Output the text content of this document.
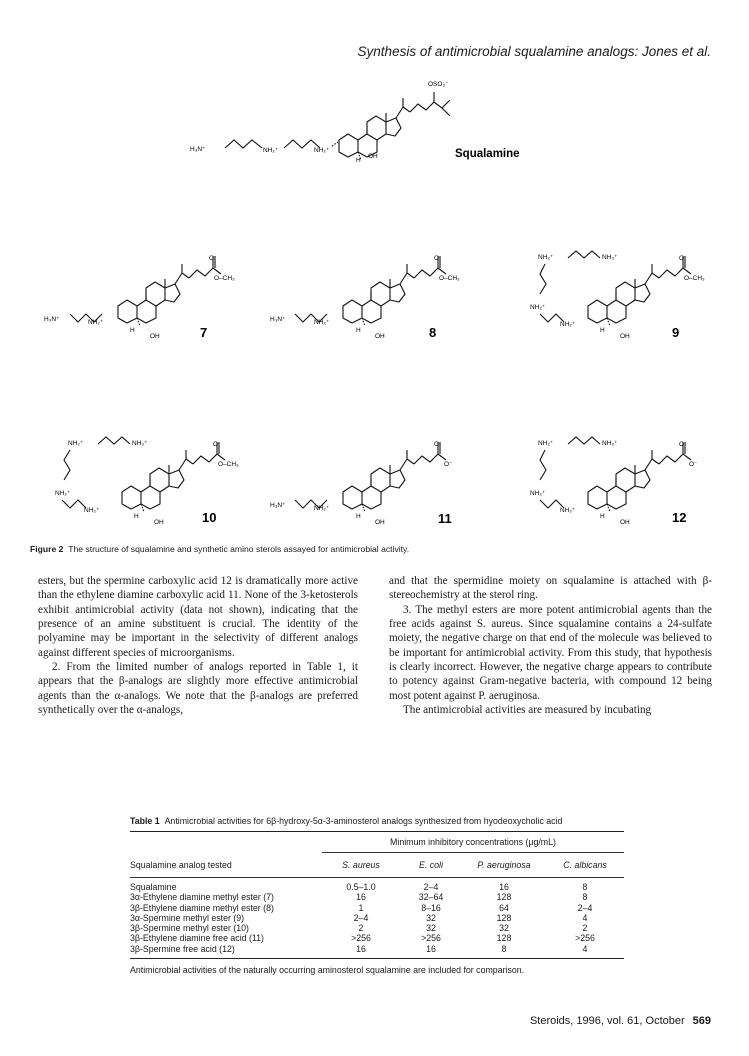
Synthesis of antimicrobial squalamine analogs: Jones et al.
OSO₃⁻
H₃N⁺	NH₂⁺	NH₂⁺
H
OH	Squalamine
O
O–CH₃
H₃N⁺	NH₂⁺
H
OH	7
O
O–CH₃
H₃N⁺	NH₂⁺
H
OH	8
O
O–CH₃
NH₂⁺	NH₃⁺
NH₂⁺
NH₂⁺
H
OH	9
O
O–CH₃
NH₂⁺	NH₃⁺
NH₂⁺
NH₂⁺
H
OH	10
O
O⁻
H₃N⁺	NH₂⁺
H
OH	11
O
O⁻
NH₂⁺	NH₃⁺
NH₂⁺
NH₂⁺
H
OH	12
Figure 2 The structure of squalamine and synthetic amino sterols assayed for antimicrobial activity.

esters, but the spermine carboxylic acid 12 is dramatically more active than the ethylene diamine carboxylic acid 11. None of the 3-ketosterols exhibit antimicrobial activity (data not shown), indicating that the presence of an amine substituent is crucial. The identity of the polyamine may be important in the selectivity of different analogs against different species of microorganisms.

2. From the limited number of analogs reported in Table 1, it appears that the β-analogs are slightly more effective antimicrobial agents than the α-analogs. We note that the β-analogs are preferred synthetically over the α-analogs,

and that the spermidine moiety on squalamine is attached with β-stereochemistry at the sterol ring.

3. The methyl esters are more potent antimicrobial agents than the free acids against S. aureus. Since squalamine contains a 24-sulfate moiety, the negative charge on that end of the molecule was believed to be important for antimicrobial activity. From this study, that hypothesis is clearly incorrect. However, the negative charge appears to contribute to potency against Gram-negative bacteria, with compound 12 being most potent against P. aeruginosa.

The antimicrobial activities are measured by incubating

Table 1 Antimicrobial activities for 6β-hydroxy-5α-3-aminosterol analogs synthesized from hyodeoxycholic acid
	Minimum inhibitory concentrations (μg/mL)			

Squalamine analog tested	S. aureus	E. coli	P. aeruginosa	C. albicans

Squalamine	0.5–1.0	2–4	16	8
3α-Ethylene diamine methyl ester (7)	16	32–64	128	8
3β-Ethylene diamine methyl ester (8)	1	8–16	64	2–4
3α-Spermine methyl ester (9)	2–4	32	128	4
3β-Spermine methyl ester (10)	2	32	32	2
3β-Ethylene diamine free acid (11)	>256	>256	128	>256
3β-Spermine free acid (12)	16	16	8	4

Antimicrobial activities of the naturally occurring aminosterol squalamine are included for comparison.
Steroids, 1996, vol. 61, October 569
